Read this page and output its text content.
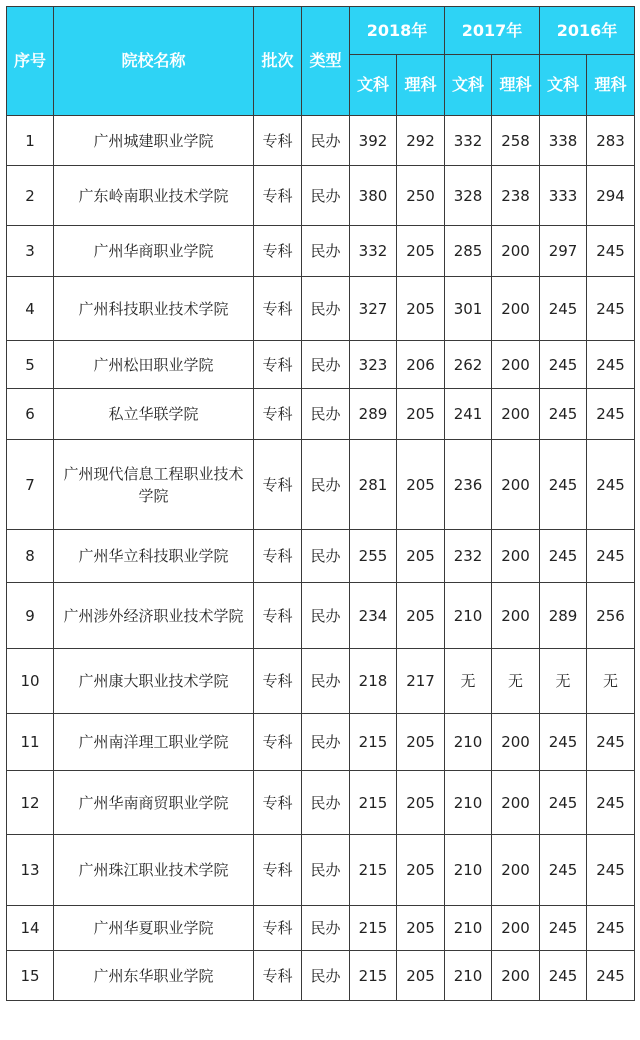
序号	院校名称	批次	类型	2018年		2017年		2016年	
				文科	理科	文科	理科	文科	理科
1	广州城建职业学院	专科	民办	392	292	332	258	338	283
2	广东岭南职业技术学院	专科	民办	380	250	328	238	333	294
3	广州华商职业学院	专科	民办	332	205	285	200	297	245
4	广州科技职业技术学院	专科	民办	327	205	301	200	245	245
5	广州松田职业学院	专科	民办	323	206	262	200	245	245
6	私立华联学院	专科	民办	289	205	241	200	245	245
7	广州现代信息工程职业技术学院	专科	民办	281	205	236	200	245	245
8	广州华立科技职业学院	专科	民办	255	205	232	200	245	245
9	广州涉外经济职业技术学院	专科	民办	234	205	210	200	289	256
10	广州康大职业技术学院	专科	民办	218	217	无	无	无	无
11	广州南洋理工职业学院	专科	民办	215	205	210	200	245	245
12	广州华南商贸职业学院	专科	民办	215	205	210	200	245	245
13	广州珠江职业技术学院	专科	民办	215	205	210	200	245	245
14	广州华夏职业学院	专科	民办	215	205	210	200	245	245
15	广州东华职业学院	专科	民办	215	205	210	200	245	245
